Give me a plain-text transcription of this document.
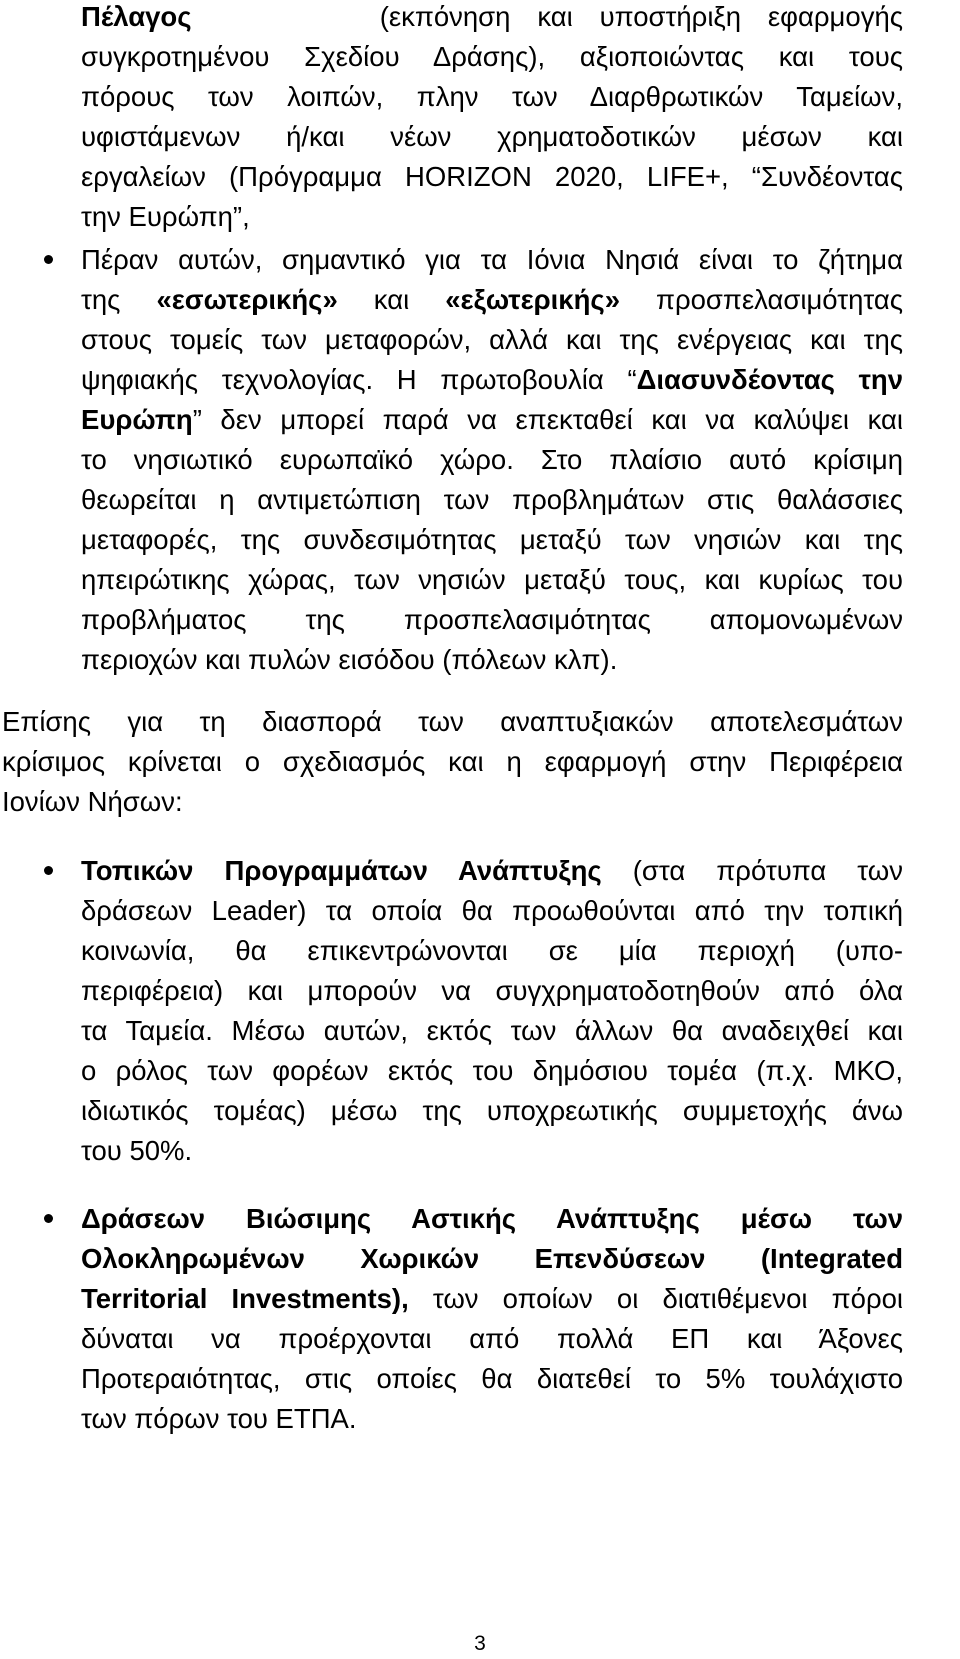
Πέλαγος	(εκπόνηση και υποστήριξη εφαρμογής
συγκροτημένου Σχεδίου Δράσης), αξιοποιώντας και τους
πόρους των λοιπών, πλην των Διαρθρωτικών Ταμείων,
υφιστάμενων ή/και νέων χρηματοδοτικών μέσων και
εργαλείων (Πρόγραμμα HORIZON 2020, LIFE+, “Συνδέοντας
την Ευρώπη”,
Πέραν αυτών, σημαντικό για τα Ιόνια Νησιά είναι το ζήτημα
της «εσωτερικής» και «εξωτερικής» προσπελασιμότητας
στους τομείς των μεταφορών, αλλά και της ενέργειας και της
ψηφιακής τεχνολογίας. Η πρωτοβουλία “Διασυνδέοντας την
Ευρώπη” δεν μπορεί παρά να επεκταθεί και να καλύψει και
το νησιωτικό ευρωπαϊκό χώρο. Στο πλαίσιο αυτό κρίσιμη
θεωρείται η αντιμετώπιση των προβλημάτων στις θαλάσσιες
μεταφορές, της συνδεσιμότητας μεταξύ των νησιών και της
ηπειρώτικης χώρας, των νησιών μεταξύ τους, και κυρίως του
προβλήματος της προσπελασιμότητας απομονωμένων
περιοχών και πυλών εισόδου (πόλεων κλπ).
Επίσης για τη διασπορά των αναπτυξιακών αποτελεσμάτων
κρίσιμος κρίνεται ο σχεδιασμός και η εφαρμογή στην Περιφέρεια
Ιονίων Νήσων:
Τοπικών Προγραμμάτων Ανάπτυξης (στα πρότυπα των
δράσεων Leader) τα οποία θα προωθούνται από την τοπική
κοινωνία, θα επικεντρώνονται σε μία περιοχή (υπο-
περιφέρεια) και μπορούν να συγχρηματοδοτηθούν από όλα
τα Ταμεία. Μέσω αυτών, εκτός των άλλων θα αναδειχθεί και
ο ρόλος των φορέων εκτός του δημόσιου τομέα (π.χ. ΜΚΟ,
ιδιωτικός τομέας) μέσω της υποχρεωτικής συμμετοχής άνω
του 50%.
Δράσεων Βιώσιμης Αστικής Ανάπτυξης μέσω των
Ολοκληρωμένων Χωρικών Επενδύσεων (Integrated
Territorial Investments), των οποίων οι διατιθέμενοι πόροι
δύναται να προέρχονται από πολλά ΕΠ και Άξονες
Προτεραιότητας, στις οποίες θα διατεθεί το 5% τουλάχιστο
των πόρων του ΕΤΠΑ.
3
